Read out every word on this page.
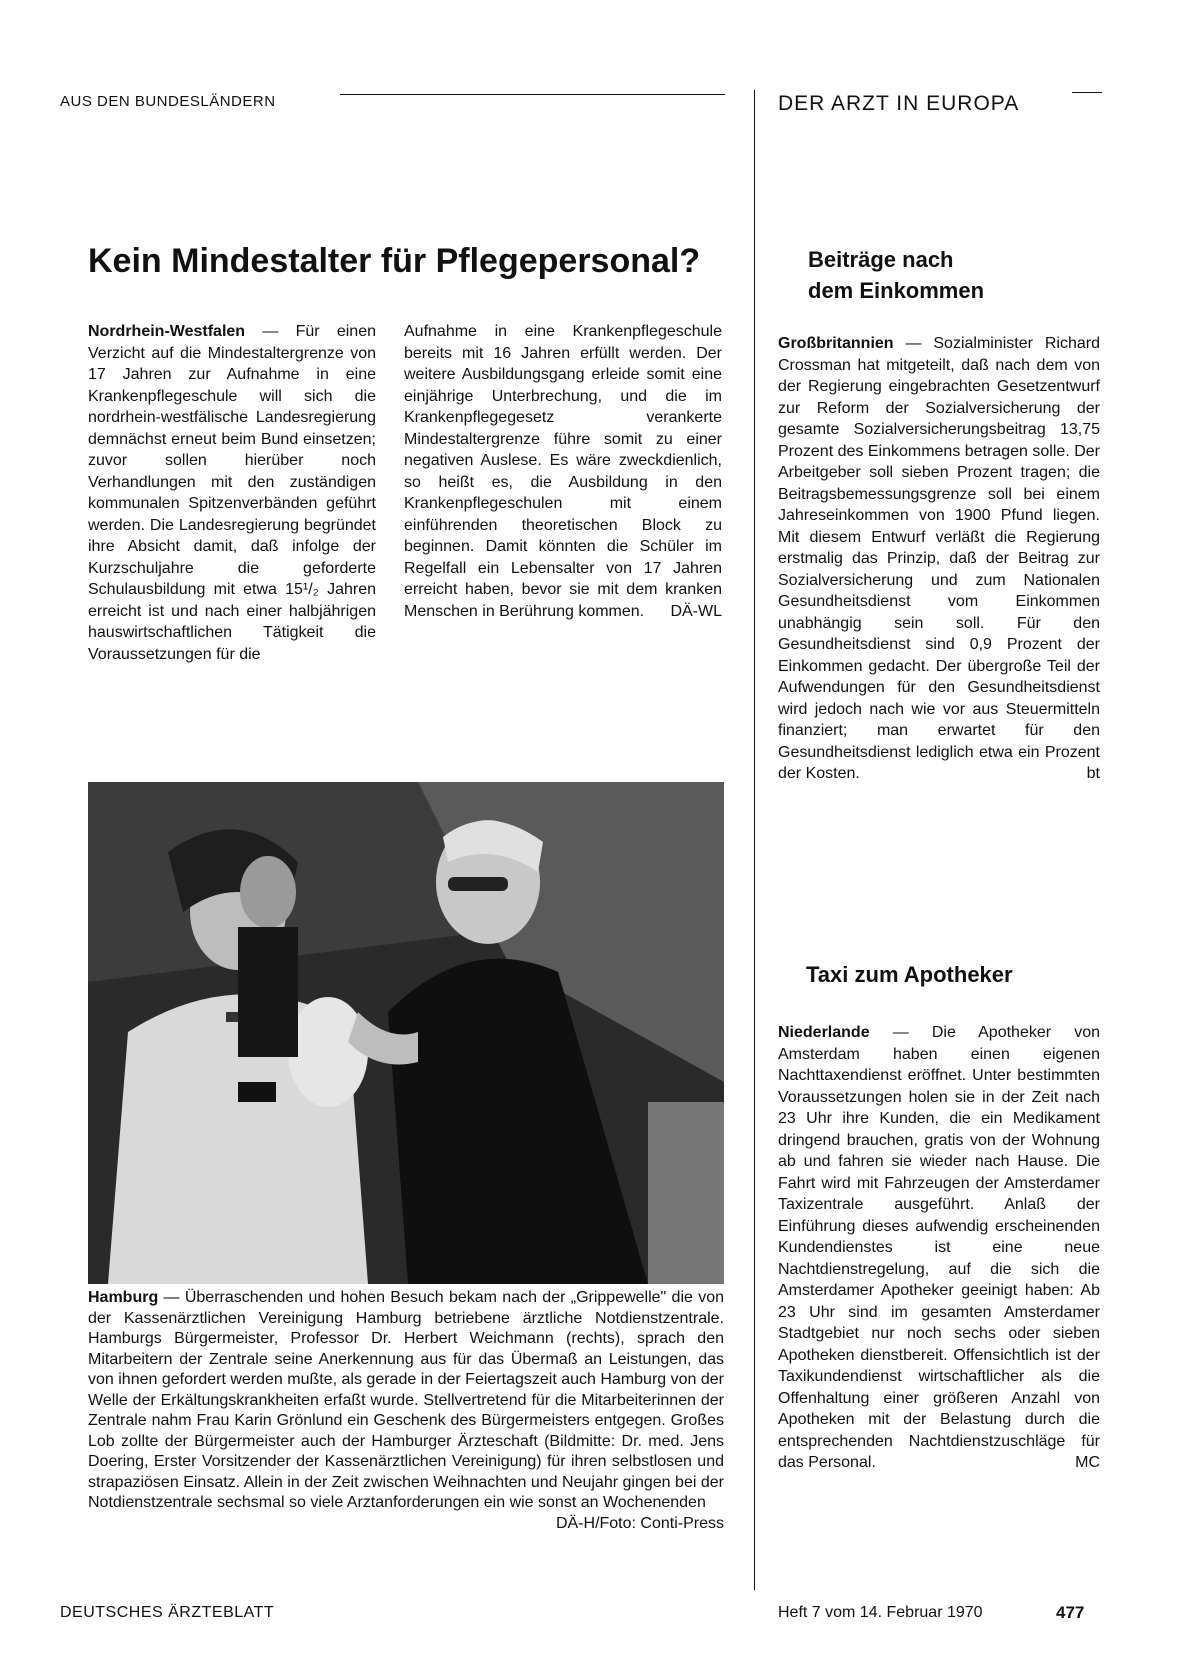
AUS DEN BUNDESLÄNDERN	DER ARZT IN EUROPA
Kein Mindestalter für Pflegepersonal?
Nordrhein-Westfalen — Für einen Verzicht auf die Mindestaltergrenze von 17 Jahren zur Aufnahme in eine Krankenpflegeschule will sich die nordrhein-westfälische Landesregierung demnächst erneut beim Bund einsetzen; zuvor sollen hierüber noch Verhandlungen mit den zuständigen kommunalen Spitzenverbänden geführt werden. Die Landesregierung begründet ihre Absicht damit, daß infolge der Kurzschuljahre die geforderte Schulausbildung mit etwa 15¹/₂ Jahren erreicht ist und nach einer halbjährigen hauswirtschaftlichen Tätigkeit die Voraussetzungen für die
Aufnahme in eine Krankenpflegeschule bereits mit 16 Jahren erfüllt werden. Der weitere Ausbildungsgang erleide somit eine einjährige Unterbrechung, und die im Krankenpflegegesetz verankerte Mindestaltergrenze führe somit zu einer negativen Auslese. Es wäre zweckdienlich, so heißt es, die Ausbildung in den Krankenpflegeschulen mit einem einführenden theoretischen Block zu beginnen. Damit könnten die Schüler im Regelfall ein Lebensalter von 17 Jahren erreicht haben, bevor sie mit dem kranken Menschen in Berührung kommen. DÄ-WL
Hamburg — Überraschenden und hohen Besuch bekam nach der „Grippewelle" die von der Kassenärztlichen Vereinigung Hamburg betriebene ärztliche Notdienstzentrale. Hamburgs Bürgermeister, Professor Dr. Herbert Weichmann (rechts), sprach den Mitarbeitern der Zentrale seine Anerkennung aus für das Übermaß an Leistungen, das von ihnen gefordert werden mußte, als gerade in der Feiertagszeit auch Hamburg von der Welle der Erkältungskrankheiten erfaßt wurde. Stellvertretend für die Mitarbeiterinnen der Zentrale nahm Frau Karin Grönlund ein Geschenk des Bürgermeisters entgegen. Großes Lob zollte der Bürgermeister auch der Hamburger Ärzteschaft (Bildmitte: Dr. med. Jens Doering, Erster Vorsitzender der Kassenärztlichen Vereinigung) für ihren selbstlosen und strapaziösen Einsatz. Allein in der Zeit zwischen Weihnachten und Neujahr gingen bei der Notdienstzentrale sechsmal so viele Arztanforderungen ein wie sonst an Wochenenden
DÄ-H/Foto: Conti-Press
Beiträge nach
dem Einkommen
Großbritannien — Sozialminister Richard Crossman hat mitgeteilt, daß nach dem von der Regierung eingebrachten Gesetzentwurf zur Reform der Sozialversicherung der gesamte Sozialversicherungsbeitrag 13,75 Prozent des Einkommens betragen solle. Der Arbeitgeber soll sieben Prozent tragen; die Beitragsbemessungsgrenze soll bei einem Jahreseinkommen von 1900 Pfund liegen. Mit diesem Entwurf verläßt die Regierung erstmalig das Prinzip, daß der Beitrag zur Sozialversicherung und zum Nationalen Gesundheitsdienst vom Einkommen unabhängig sein soll. Für den Gesundheitsdienst sind 0,9 Prozent der Einkommen gedacht. Der übergroße Teil der Aufwendungen für den Gesundheitsdienst wird jedoch nach wie vor aus Steuermitteln finanziert; man erwartet für den Gesundheitsdienst lediglich etwa ein Prozent der Kosten.	bt
Taxi zum Apotheker
Niederlande — Die Apotheker von Amsterdam haben einen eigenen Nachttaxendienst eröffnet. Unter bestimmten Voraussetzungen holen sie in der Zeit nach 23 Uhr ihre Kunden, die ein Medikament dringend brauchen, gratis von der Wohnung ab und fahren sie wieder nach Hause. Die Fahrt wird mit Fahrzeugen der Amsterdamer Taxizentrale ausgeführt. Anlaß der Einführung dieses aufwendig erscheinenden Kundendienstes ist eine neue Nachtdienstregelung, auf die sich die Amsterdamer Apotheker geeinigt haben: Ab 23 Uhr sind im gesamten Amsterdamer Stadtgebiet nur noch sechs oder sieben Apotheken dienstbereit. Offensichtlich ist der Taxikundendienst wirtschaftlicher als die Offenhaltung einer größeren Anzahl von Apotheken mit der Belastung durch die entsprechenden Nachtdienstzuschläge für das Personal.	MC
DEUTSCHES ÄRZTEBLATT	Heft 7 vom 14. Februar 1970	477
